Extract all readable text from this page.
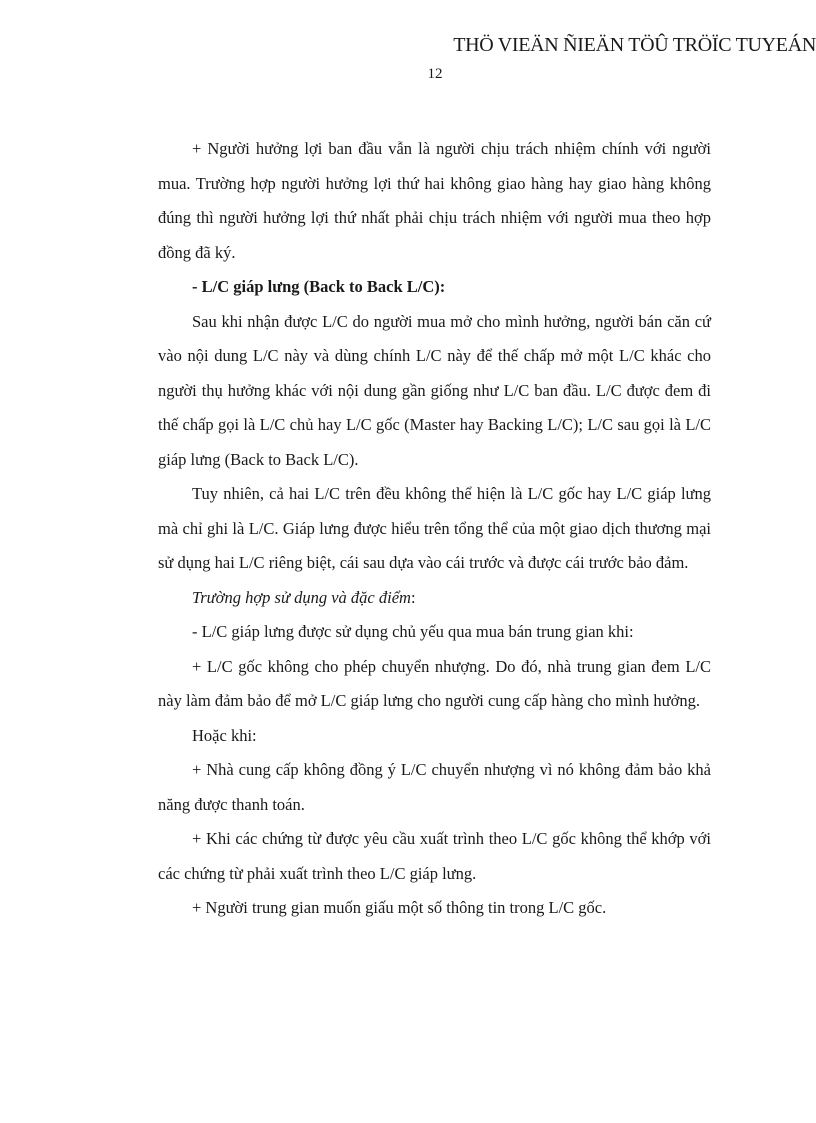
THÖ VIEÄN ÑIEÄN TÖÛ TRÖÏC TUYEÁN
12

+ Người hưởng lợi ban đầu vẫn là người chịu trách nhiệm chính với người mua. Trường hợp người hưởng lợi thứ hai không giao hàng hay giao hàng không đúng thì người hưởng lợi thứ nhất phải chịu trách nhiệm với người mua theo hợp đồng đã ký.

- L/C giáp lưng (Back to Back L/C):

Sau khi nhận được L/C do người mua mở cho mình hưởng, người bán căn cứ vào nội dung L/C này và dùng chính L/C này để thế chấp mở một L/C khác cho người thụ hưởng khác với nội dung gần giống như L/C ban đầu. L/C được đem đi thế chấp gọi là L/C chủ hay L/C gốc (Master hay Backing L/C); L/C sau gọi là L/C giáp lưng (Back to Back L/C).

Tuy nhiên, cả hai L/C trên đều không thể hiện là L/C gốc hay L/C giáp lưng mà chỉ ghi là L/C. Giáp lưng được hiểu trên tổng thể của một giao dịch thương mại sử dụng hai L/C riêng biệt, cái sau dựa vào cái trước và được cái trước bảo đảm.

Trường hợp sử dụng và đặc điểm:

- L/C giáp lưng được sử dụng chủ yếu qua mua bán trung gian khi:

+ L/C gốc không cho phép chuyển nhượng. Do đó, nhà trung gian đem L/C này làm đảm bảo để mở L/C giáp lưng cho người cung cấp hàng cho mình hưởng.

Hoặc khi:

+ Nhà cung cấp không đồng ý L/C chuyển nhượng vì nó không đảm bảo khả năng được thanh toán.

+ Khi các chứng từ được yêu cầu xuất trình theo L/C gốc không thể khớp với các chứng từ phải xuất trình theo L/C giáp lưng.

+ Người trung gian muốn giấu một số thông tin trong L/C gốc.
